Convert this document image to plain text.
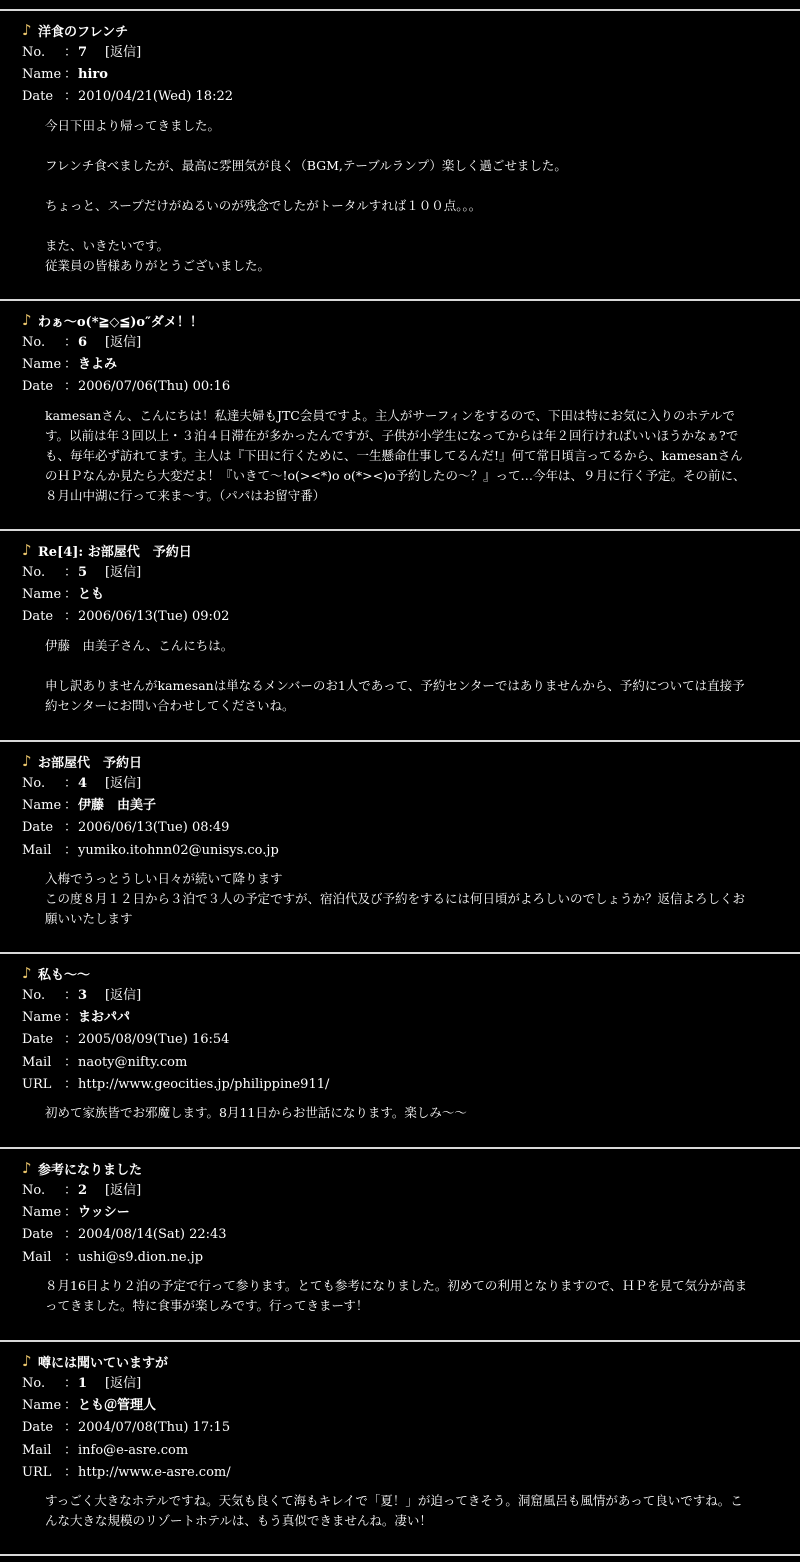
♪ 洋食のフレンチ
No.	： 7 [返信]
Name ： hiro
Date ： 2010/04/21(Wed) 18:22
今日下田より帰ってきました。

フレンチ食べましたが、最高に雰囲気が良く（BGM,テーブルランプ）楽しく過ごせました。

ちょっと、スープだけがぬるいのが残念でしたがトータルすれば１００点。。。

また、いきたいです。
従業員の皆様ありがとうございました。
♪ わぁ〜o(*≧◇≦)o″ダメ！！
No.	： 6 [返信]
Name ： きよみ
Date ： 2006/07/06(Thu) 00:16
kamesanさん、こんにちは！私達夫婦もJTC会員ですよ。主人がサーフィンをするので、下田は特にお気に入りのホテルです。以前は年３回以上・３泊４日滞在が多かったんですが、子供が小学生になってからは年２回行ければいいほうかなぁ?でも、毎年必ず訪れてます。主人は『下田に行くために、一生懸命仕事してるんだ!』何て常日頃言ってるから、kamesanさんのＨＰなんか見たら大変だよ！『いきて〜!o(><*)o o(*><)o予約したの〜？』って…今年は、９月に行く予定。その前に、８月山中湖に行って来ま〜す。（パパはお留守番）
♪ Re[4]: お部屋代　予約日
No.	： 5 [返信]
Name ： とも
Date ： 2006/06/13(Tue) 09:02
伊藤　由美子さん、こんにちは。

申し訳ありませんがkamesanは単なるメンバーのお1人であって、予約センターではありませんから、予約については直接予約センターにお問い合わせしてくださいね。
♪ お部屋代　予約日
No.	： 4 [返信]
Name ： 伊藤　由美子
Date ： 2006/06/13(Tue) 08:49
Mail ： yumiko.itohnn02@unisys.co.jp
入梅でうっとうしい日々が続いて降ります
この度８月１２日から３泊で３人の予定ですが、宿泊代及び予約をするには何日頃がよろしいのでしょうか？返信よろしくお願いいたします
♪ 私も〜〜
No.	： 3 [返信]
Name ： まおパパ
Date ： 2005/08/09(Tue) 16:54
Mail ： naoty@nifty.com
URL ： http://www.geocities.jp/philippine911/
初めて家族皆でお邪魔します。8月11日からお世話になります。楽しみ〜〜
♪ 参考になりました
No.	： 2 [返信]
Name ： ウッシー
Date ： 2004/08/14(Sat) 22:43
Mail ： ushi@s9.dion.ne.jp
８月16日より２泊の予定で行って参ります。とても参考になりました。初めての利用となりますので、ＨＰを見て気分が高まってきました。特に食事が楽しみです。行ってきまーす！
♪ 噂には聞いていますが
No.	： 1 [返信]
Name ： とも＠管理人
Date ： 2004/07/08(Thu) 17:15
Mail ： info@e-asre.com
URL ： http://www.e-asre.com/
すっごく大きなホテルですね。天気も良くて海もキレイで「夏！」が迫ってきそう。洞窟風呂も風情があって良いですね。こんな大きな規模のリゾートホテルは、もう真似できませんね。凄い！
